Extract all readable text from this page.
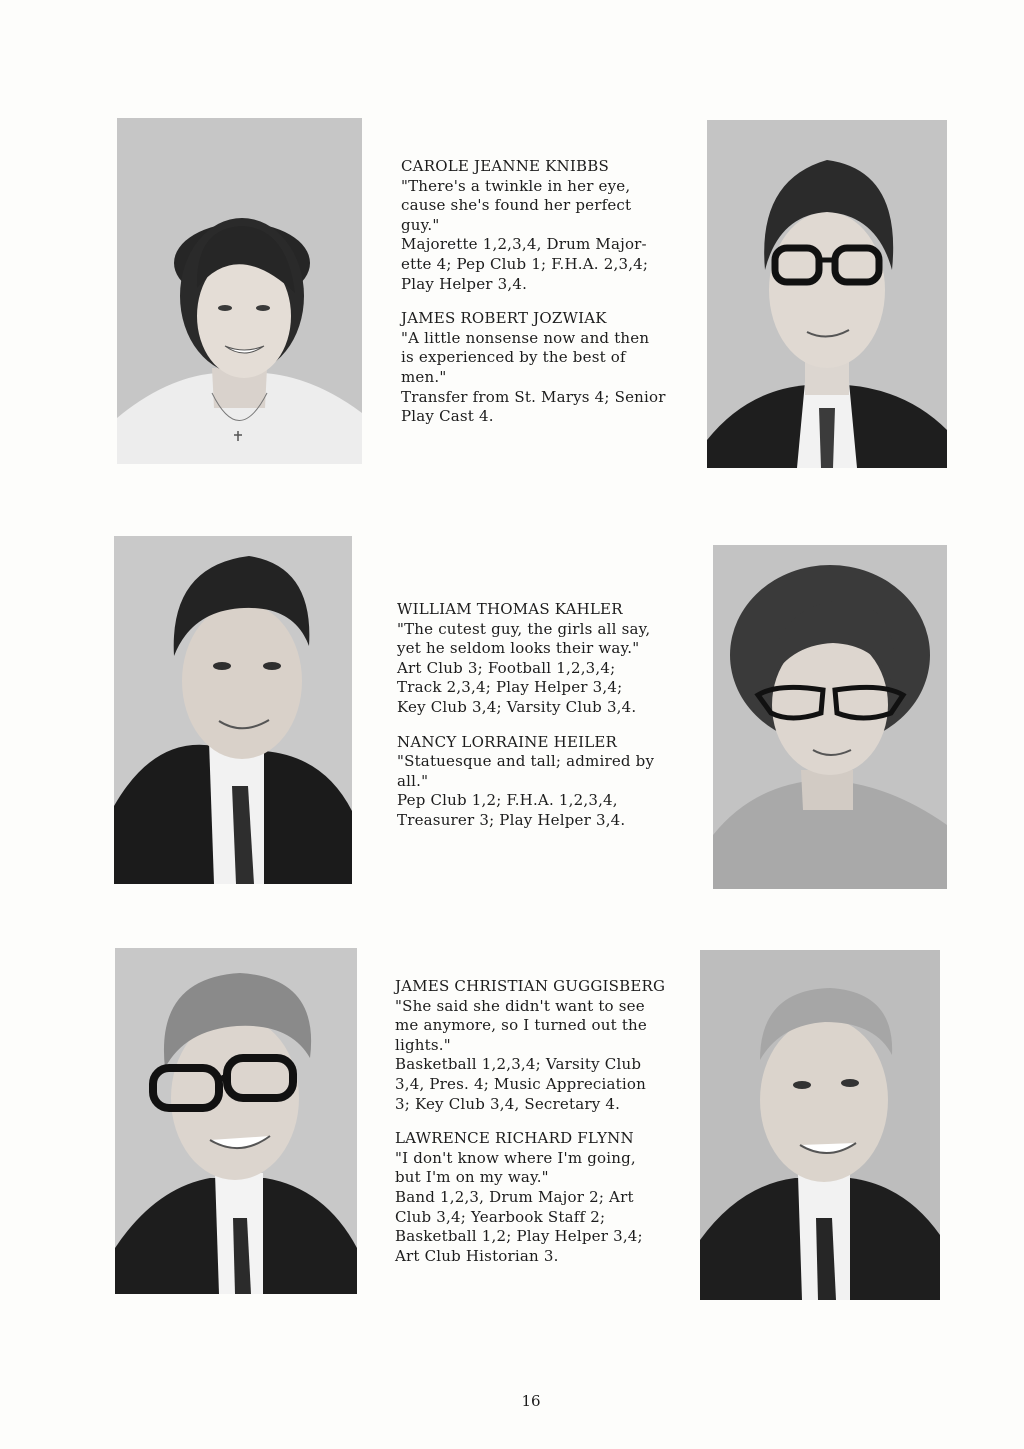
CAROLE JEANNE KNIBBS
"There's a twinkle in her eye,
cause she's found her perfect
guy."
Majorette 1,2,3,4, Drum Major-
ette 4; Pep Club 1; F.H.A. 2,3,4;
Play Helper 3,4.
JAMES ROBERT JOZWIAK
"A little nonsense now and then
is experienced by the best of
men."
Transfer from St. Marys 4; Senior
Play Cast 4.
WILLIAM THOMAS KAHLER
"The cutest guy, the girls all say,
yet he seldom looks their way."
Art Club 3; Football 1,2,3,4;
Track 2,3,4; Play Helper 3,4;
Key Club 3,4; Varsity Club 3,4.
NANCY LORRAINE HEILER
"Statuesque and tall; admired by
all."
Pep Club 1,2; F.H.A. 1,2,3,4,
Treasurer 3; Play Helper 3,4.
JAMES CHRISTIAN GUGGISBERG
"She said she didn't want to see
me anymore, so I turned out the
lights."
Basketball 1,2,3,4; Varsity Club
3,4, Pres. 4; Music Appreciation
3; Key Club 3,4, Secretary 4.
LAWRENCE RICHARD FLYNN
"I don't know where I'm going,
but I'm on my way."
Band 1,2,3, Drum Major 2; Art
Club 3,4; Yearbook Staff 2;
Basketball 1,2; Play Helper 3,4;
Art Club Historian 3.
16
